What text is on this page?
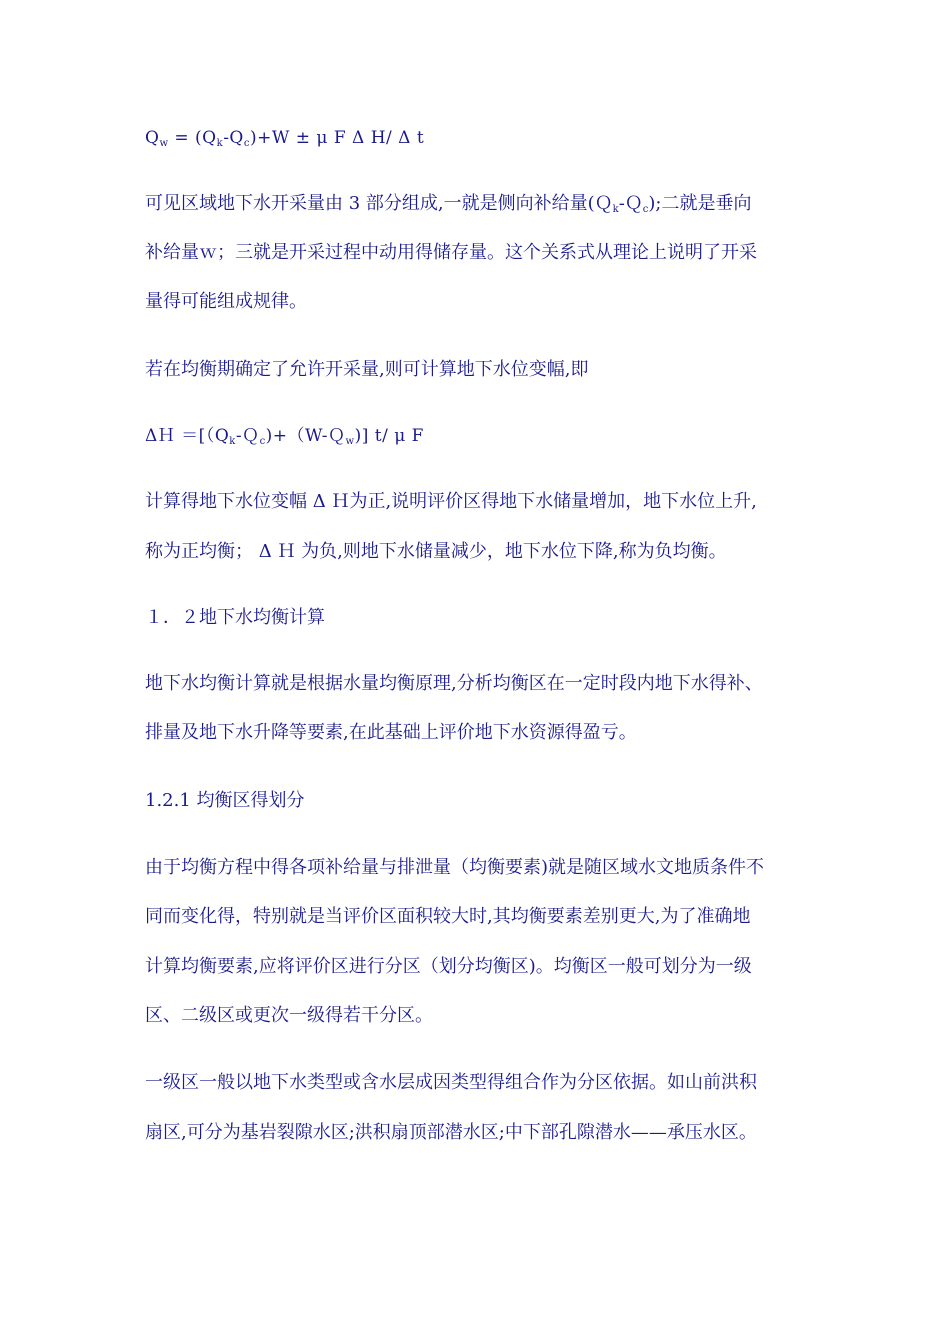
$Q_w = (Q_k-Q_c)+W \pm \mu$ F Δ H/ Δ t
可见区域地下水开采量由 3 部分组成,一就是侧向补给量(Ｑ$_k$-Ｑ$_c$);二就是垂向
补给量ｗ；三就是开采过程中动用得储存量。这个关系式从理论上说明了开采
量得可能组成规律。
若在均衡期确定了允许开采量,则可计算地下水位变幅,即
ΔＨ $=[(Q_k-Q_c)+(W-Q_w)]$ t/ μ F
计算得地下水位变幅 Δ Ｈ为正,说明评价区得地下水储量增加，地下水位上升,
称为正均衡； Δ Ｈ 为负,则地下水储量减少，地下水位下降,称为负均衡。
１．２地下水均衡计算
地下水均衡计算就是根据水量均衡原理,分析均衡区在一定时段内地下水得补、
排量及地下水升降等要素,在此基础上评价地下水资源得盈亏。
1.2.1 均衡区得划分
由于均衡方程中得各项补给量与排泄量（均衡要素)就是随区域水文地质条件不
同而变化得，特别就是当评价区面积较大时,其均衡要素差别更大,为了准确地
计算均衡要素,应将评价区进行分区（划分均衡区)。均衡区一般可划分为一级
区、二级区或更次一级得若干分区。
一级区一般以地下水类型或含水层成因类型得组合作为分区依据。如山前洪积
扇区,可分为基岩裂隙水区;洪积扇顶部潜水区;中下部孔隙潜水——承压水区。
